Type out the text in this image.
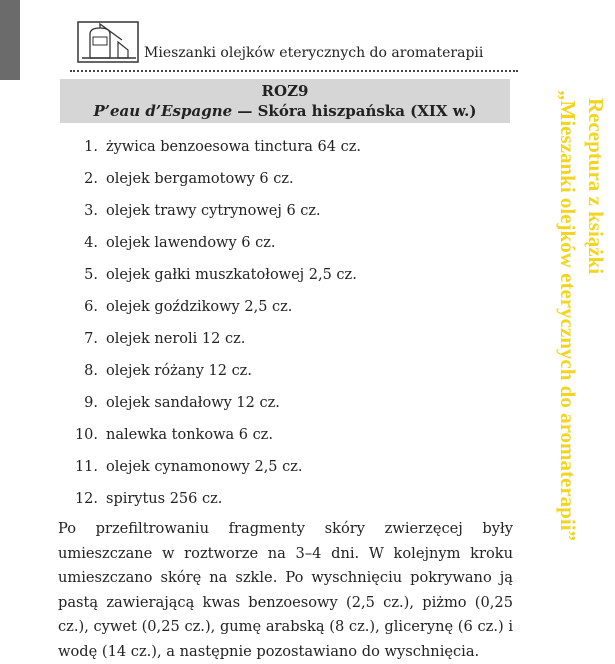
Mieszanki olejków eterycznych do aromaterapii
ROZ9
P’eau d’Espagne — Skóra hiszpańska (XIX w.)
1. żywica benzoesowa tinctura 64 cz.
2. olejek bergamotowy 6 cz.
3. olejek trawy cytrynowej 6 cz.
4. olejek lawendowy 6 cz.
5. olejek gałki muszkatołowej 2,5 cz.
6. olejek goździkowy 2,5 cz.
7. olejek neroli 12 cz.
8. olejek różany 12 cz.
9. olejek sandałowy 12 cz.
10. nalewka tonkowa 6 cz.
11. olejek cynamonowy 2,5 cz.
12. spirytus 256 cz.

Po przefiltrowaniu fragmenty skóry zwierzęcej były umieszczane w roztworze na 3–4 dni. W kolejnym kroku umieszczano skórę na szkle. Po wyschnięciu pokrywano ją pastą zawierającą kwas benzoesowy (2,5 cz.), piżmo (0,25 cz.), cywet (0,25 cz.), gumę arabską (8 cz.), glicerynę (6 cz.) i wodę (14 cz.), a następnie pozostawiano do wyschnięcia.

Receptura z książki
„Mieszanki olejków eterycznych do aromaterapii”
